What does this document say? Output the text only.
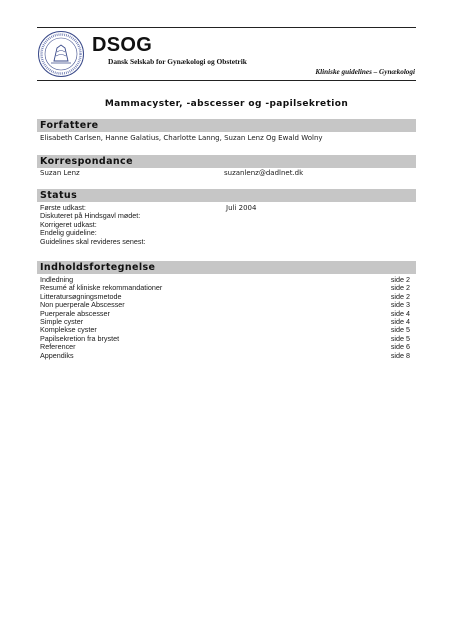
DSOG
Dansk Selskab for Gynækologi og Obstetrik
Kliniske guidelines – Gynækologi
Mammacyster, -abscesser og -papilsekretion
Forfattere
Elisabeth Carlsen, Hanne Galatius, Charlotte Lanng, Suzan Lenz Og Ewald Wolny
Korrespondance
Suzan Lenz	suzanlenz@dadlnet.dk
Status
Første udkast:	Juli 2004
Diskuteret på Hindsgavl mødet:
Korrigeret udkast:
Endelig guideline:
Guidelines skal revideres senest:
Indholdsfortegnelse
Indledning	side 2
Resumé af kliniske rekommandationer	side 2
Litteratursøgningsmetode	side 2
Non puerperale Abscesser	side 3
Puerperale abscesser	side 4
Simple cyster	side 4
Komplekse cyster	side 5
Papilsekretion fra brystet	side 5
Referencer	side 6
Appendiks	side 8
